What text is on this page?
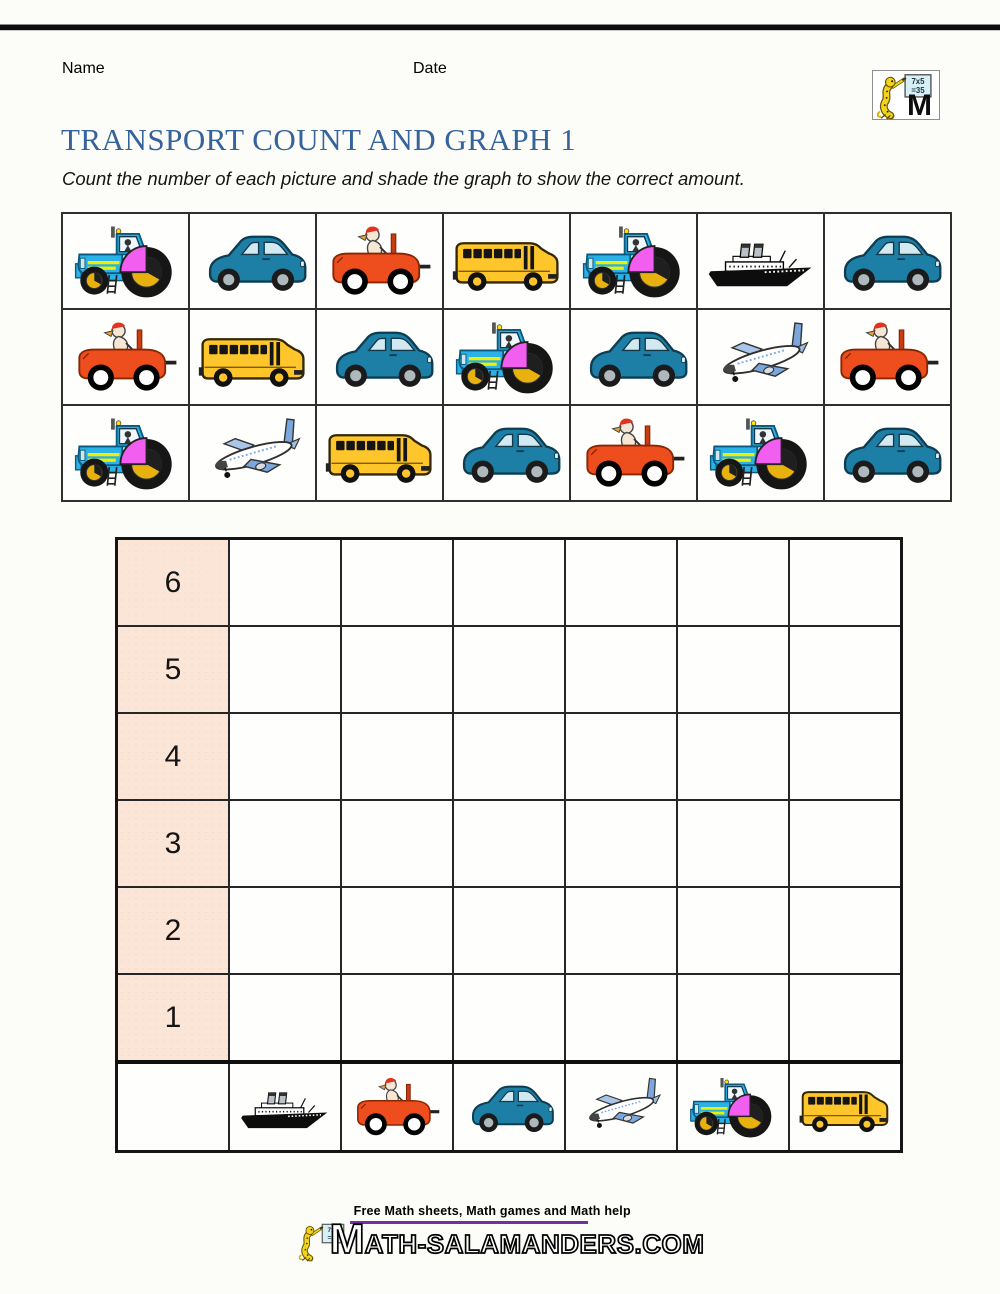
Name	Date
M
TRANSPORT COUNT AND GRAPH 1

Count the number of each picture and shade the graph to show the correct amount.

6						
5						
4						
3						
2						
1						

Free Math sheets, Math games and Math help
M ATH-SALAMANDERS.COM
